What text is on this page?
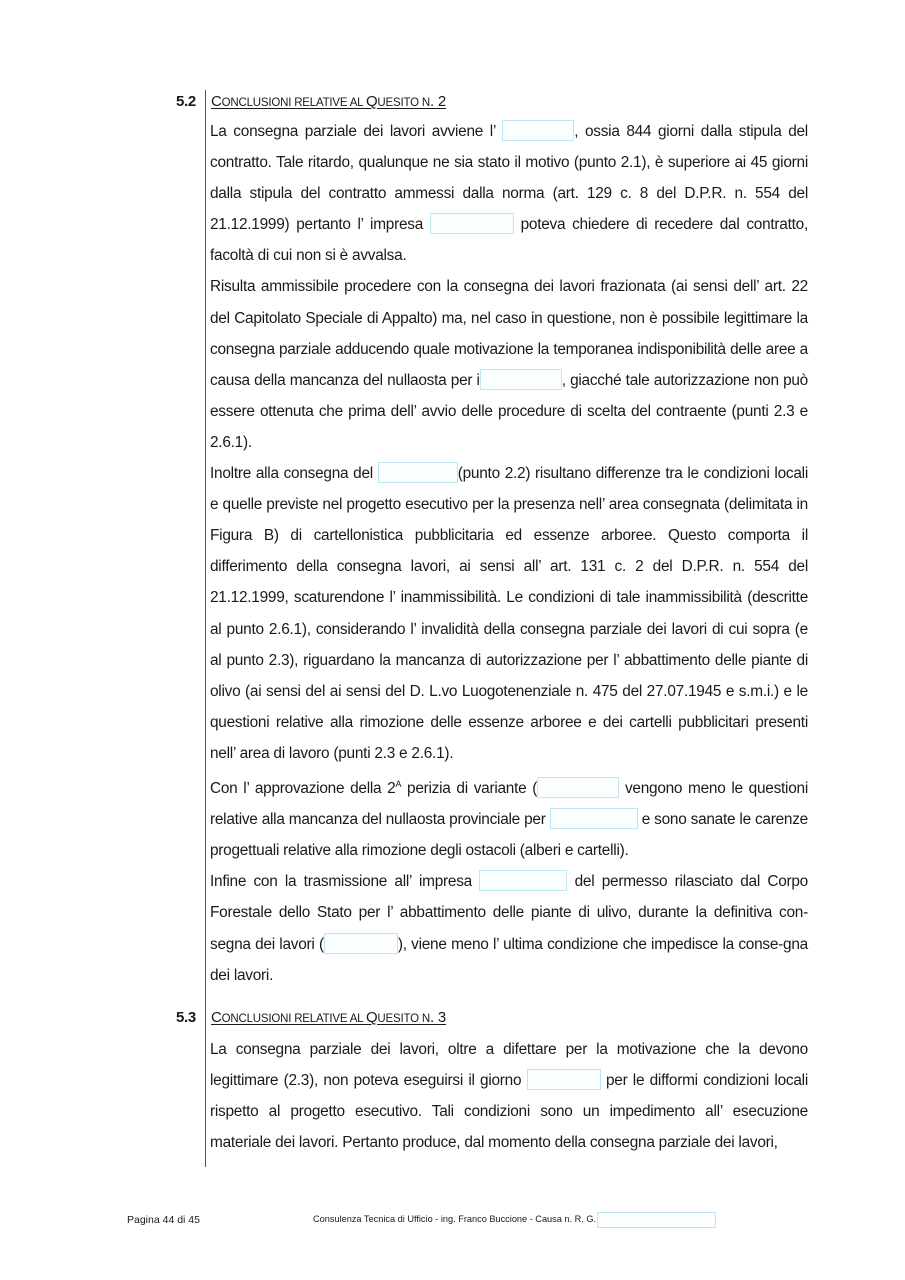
5.2 CONCLUSIONI RELATIVE AL QUESITO N. 2

La consegna parziale dei lavori avviene l’	, ossia 844 giorni dalla stipula del contratto. Tale ritardo, qualunque ne sia stato il motivo (punto 2.1), è superiore ai 45 giorni dalla stipula del contratto ammessi dalla norma (art. 129 c. 8 del D.P.R. n. 554 del 21.12.1999) pertanto l’ impresa	poteva chiedere di recedere dal contratto, facoltà di cui non si è avvalsa.

Risulta ammissibile procedere con la consegna dei lavori frazionata (ai sensi dell’ art. 22 del Capitolato Speciale di Appalto) ma, nel caso in questione, non è possibile legittimare la consegna parziale adducendo quale motivazione la temporanea indisponibilità delle aree a causa della mancanza del nullaosta per i	, giacché tale autorizzazione non può essere ottenuta che prima dell’ avvio delle procedure di scelta del contraente (punti 2.3 e 2.6.1).

Inoltre alla consegna del	(punto 2.2) risultano differenze tra le condizioni locali e quelle previste nel progetto esecutivo per la presenza nell’ area consegnata (delimitata in Figura B) di cartellonistica pubblicitaria ed essenze arboree. Questo comporta il differimento della consegna lavori, ai sensi all’ art. 131 c. 2 del D.P.R. n. 554 del 21.12.1999, scaturendone l’ inammissibilità. Le condizioni di tale inammissibilità (descritte al punto 2.6.1), considerando l’ invalidità della consegna parziale dei lavori di cui sopra (e al punto 2.3), riguardano la mancanza di autorizzazione per l’ abbattimento delle piante di olivo (ai sensi del ai sensi del D. L.vo Luogotenenziale n. 475 del 27.07.1945 e s.m.i.) e le questioni relative alla rimozione delle essenze arboree e dei cartelli pubblicitari presenti nell’ area di lavoro (punti 2.3 e 2.6.1).

Con l’ approvazione della $2^A$ perizia di variante (	vengono meno le questioni relative alla mancanza del nullaosta provinciale per	e sono sanate le carenze progettuali relative alla rimozione degli ostacoli (alberi e cartelli).

Infine con la trasmissione all’ impresa	del permesso rilasciato dal Corpo Forestale dello Stato per l’ abbattimento delle piante di ulivo, durante la definitiva con-segna dei lavori (	), viene meno l’ ultima condizione che impedisce la conse-gna dei lavori.

5.3 CONCLUSIONI RELATIVE AL QUESITO N. 3

La consegna parziale dei lavori, oltre a difettare per la motivazione che la devono legittimare (2.3), non poteva eseguirsi il giorno	per le difformi condizioni locali rispetto al progetto esecutivo. Tali condizioni sono un impedimento all’ esecuzione materiale dei lavori. Pertanto produce, dal momento della consegna parziale dei lavori,

Pagina 44 di 45	Consulenza Tecnica di Ufficio - ing. Franco Buccione - Causa n. R. G.
